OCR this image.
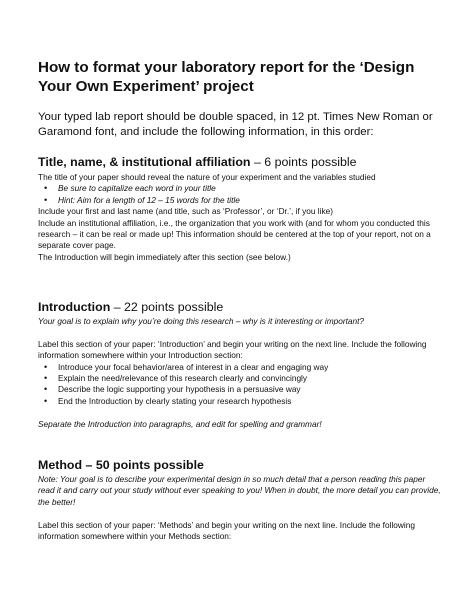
How to format your laboratory report for the ‘Design Your Own Experiment’ project
Your typed lab report should be double spaced, in 12 pt. Times New Roman or Garamond font, and include the following information, in this order:
Title, name, & institutional affiliation – 6 points possible

The title of your paper should reveal the nature of your experiment and the variables studied

• Be sure to capitalize each word in your title
• Hint: Aim for a length of 12 – 15 words for the title

Include your first and last name (and title, such as ‘Professor’, or ‘Dr.’, if you like)

Include an institutional affiliation, i.e., the organization that you work with (and for whom you conducted this research – it can be real or made up! This information should be centered at the top of your report, not on a separate cover page.

The Introduction will begin immediately after this section (see below.)

Introduction – 22 points possible

Your goal is to explain why you’re doing this research – why is it interesting or important?

Label this section of your paper: ‘Introduction’ and begin your writing on the next line. Include the following information somewhere within your Introduction section:

• Introduce your focal behavior/area of interest in a clear and engaging way
• Explain the need/relevance of this research clearly and convincingly
• Describe the logic supporting your hypothesis in a persuasive way
• End the Introduction by clearly stating your research hypothesis

Separate the Introduction into paragraphs, and edit for spelling and grammar!

Method – 50 points possible

Note: Your goal is to describe your experimental design in so much detail that a person reading this paper read it and carry out your study without ever speaking to you! When in doubt, the more detail you can provide, the better!

Label this section of your paper: ‘Methods’ and begin your writing on the next line. Include the following information somewhere within your Methods section:
